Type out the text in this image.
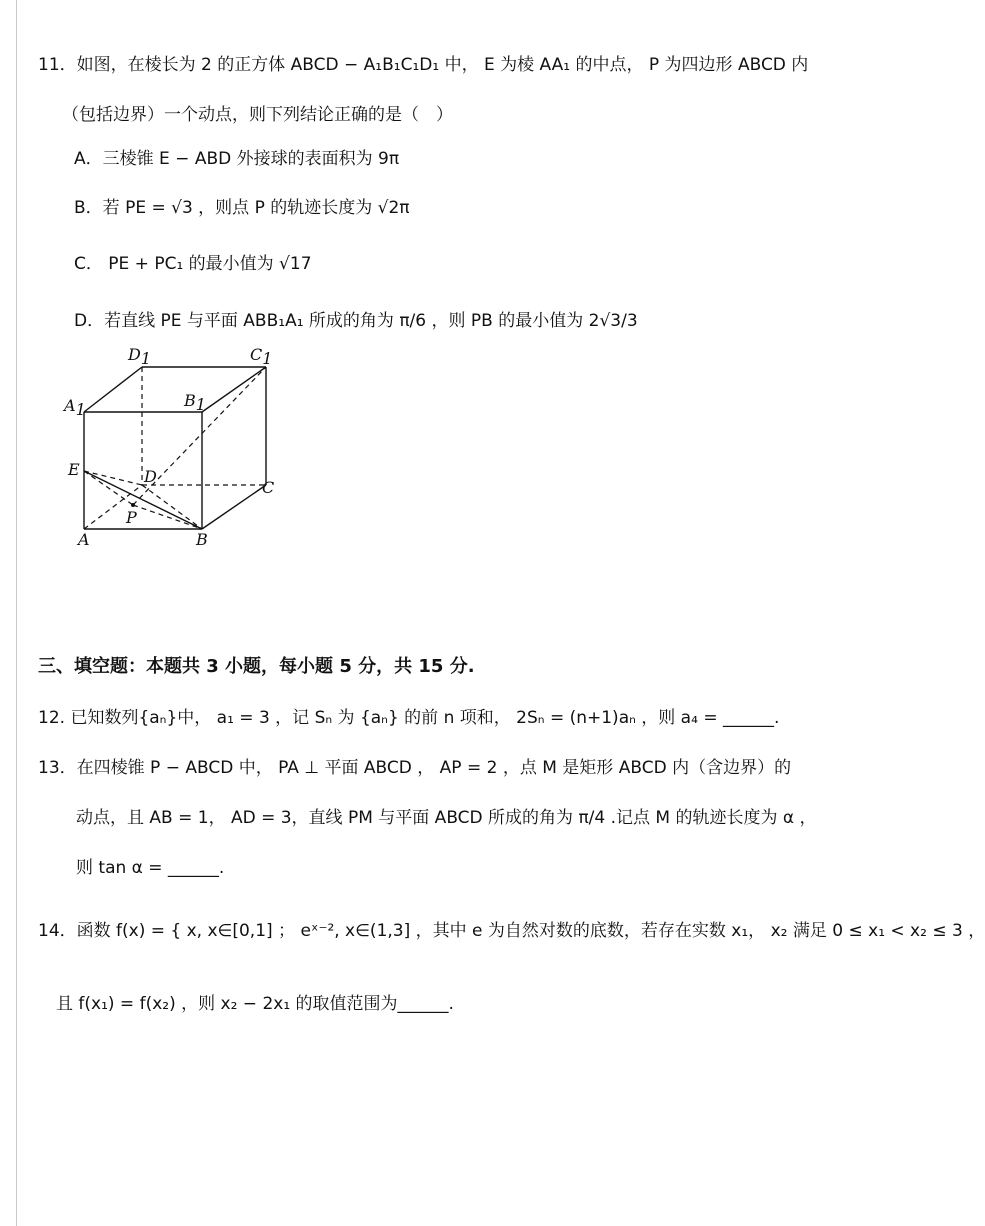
11．如图，在棱长为 2 的正方体 ABCD − A₁B₁C₁D₁ 中， E 为棱 AA₁ 的中点， P 为四边形 ABCD 内
（包括边界）一个动点，则下列结论正确的是（　）
A．三棱锥 E − ABD 外接球的表面积为 9π
B．若 PE = √3 ，则点 P 的轨迹长度为 √2π
C． PE + PC₁ 的最小值为 √17
D．若直线 PE 与平面 ABB₁A₁ 所成的角为 π/6 ，则 PB 的最小值为 2√3/3
D1	C1
A1	B1
E	D
C
P
A	B
三、填空题：本题共 3 小题，每小题 5 分，共 15 分.
12. 已知数列{aₙ}中， a₁ = 3 ，记 Sₙ 为 {aₙ} 的前 n 项和， 2Sₙ = (n+1)aₙ ，则 a₄ = ______.
13．在四棱锥 P − ABCD 中， PA ⊥ 平面 ABCD ， AP = 2 ，点 M 是矩形 ABCD 内（含边界）的
动点，且 AB = 1， AD = 3，直线 PM 与平面 ABCD 所成的角为 π/4 .记点 M 的轨迹长度为 α ，
则 tan α = ______.
14．函数 f(x) = { x, x∈[0,1] ； eˣ⁻², x∈(1,3] ，其中 e 为自然对数的底数，若存在实数 x₁， x₂ 满足 0 ≤ x₁ < x₂ ≤ 3 ，
且 f(x₁) = f(x₂) ，则 x₂ − 2x₁ 的取值范围为______.
